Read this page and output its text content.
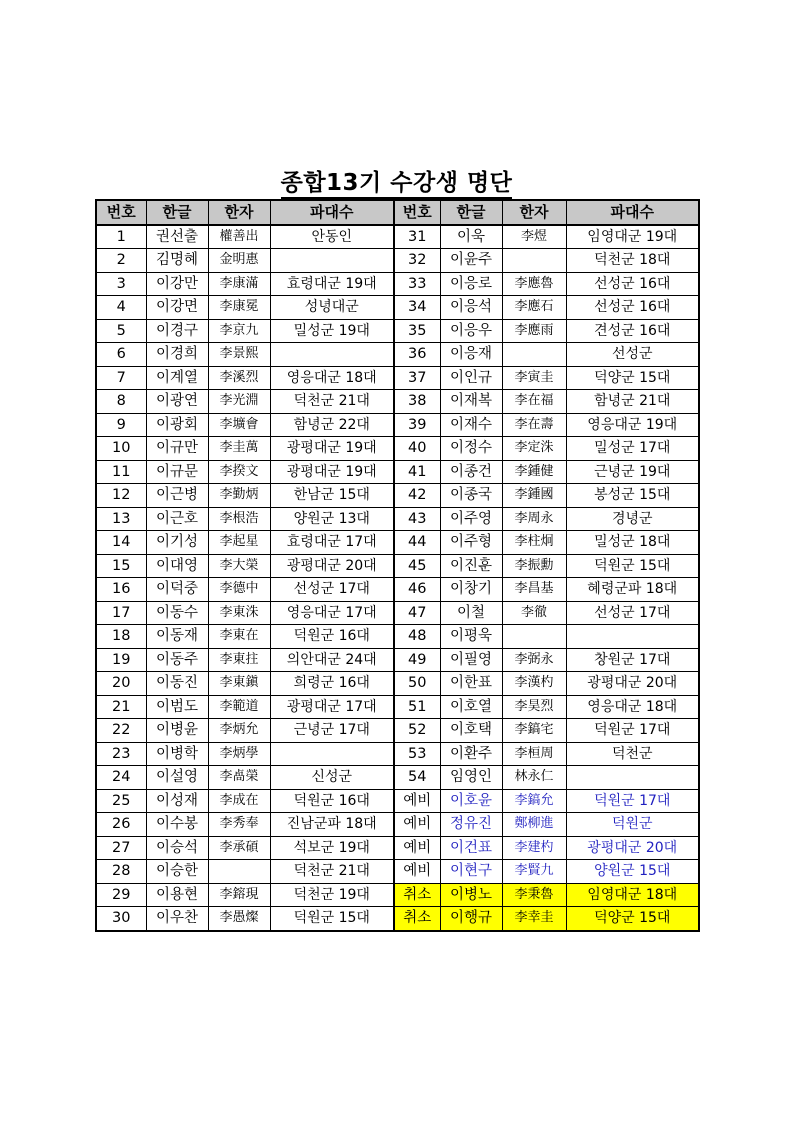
종합13기 수강생 명단
번호	한글	한자	파대수	번호	한글	한자	파대수
1	권선출	權善出	안동인	31	이욱	李煜	임영대군 19대
2	김명혜	金明惠		32	이윤주		덕천군 18대
3	이강만	李康滿	효령대군 19대	33	이응로	李應魯	선성군 16대
4	이강면	李康冕	성녕대군	34	이응석	李應石	선성군 16대
5	이경구	李京九	밀성군 19대	35	이응우	李應雨	견성군 16대
6	이경희	李景熙		36	이응재		선성군
7	이계열	李溪烈	영응대군 18대	37	이인규	李寅圭	덕양군 15대
8	이광연	李光淵	덕천군 21대	38	이재복	李在福	함녕군 21대
9	이광회	李壙會	함녕군 22대	39	이재수	李在壽	영응대군 19대
10	이규만	李圭萬	광평대군 19대	40	이정수	李定洙	밀성군 17대
11	이규문	李揆文	광평대군 19대	41	이종건	李鍾健	근녕군 19대
12	이근병	李勤炳	한남군 15대	42	이종국	李鍾國	봉성군 15대
13	이근호	李根浩	양원군 13대	43	이주영	李周永	경녕군
14	이기성	李起星	효령대군 17대	44	이주형	李柱炯	밀성군 18대
15	이대영	李大榮	광평대군 20대	45	이진훈	李振勳	덕원군 15대
16	이덕중	李德中	선성군 17대	46	이창기	李昌基	혜령군파 18대
17	이동수	李東洙	영응대군 17대	47	이철	李徹	선성군 17대
18	이동재	李東在	덕원군 16대	48	이평욱		
19	이동주	李東拄	의안대군 24대	49	이필영	李弼永	창원군 17대
20	이동진	李東鎭	희령군 16대	50	이한표	李漢杓	광평대군 20대
21	이범도	李範道	광평대군 17대	51	이호열	李昊烈	영응대군 18대
22	이병윤	李炳允	근녕군 17대	52	이호택	李鎬宅	덕원군 17대
23	이병학	李炳學		53	이환주	李桓周	덕천군
24	이설영	李卨榮	신성군	54	임영인	林永仁	
25	이성재	李成在	덕원군 16대	예비	이호윤	李鎬允	덕원군 17대
26	이수봉	李秀奉	진남군파 18대	예비	정유진	鄭柳進	덕원군
27	이승석	李承碩	석보군 19대	예비	이건표	李建杓	광평대군 20대
28	이승한		덕천군 21대	예비	이현구	李賢九	양원군 15대
29	이용현	李鎔現	덕천군 19대	취소	이병노	李秉魯	임영대군 18대
30	이우찬	李愚燦	덕원군 15대	취소	이행규	李幸圭	덕양군 15대
